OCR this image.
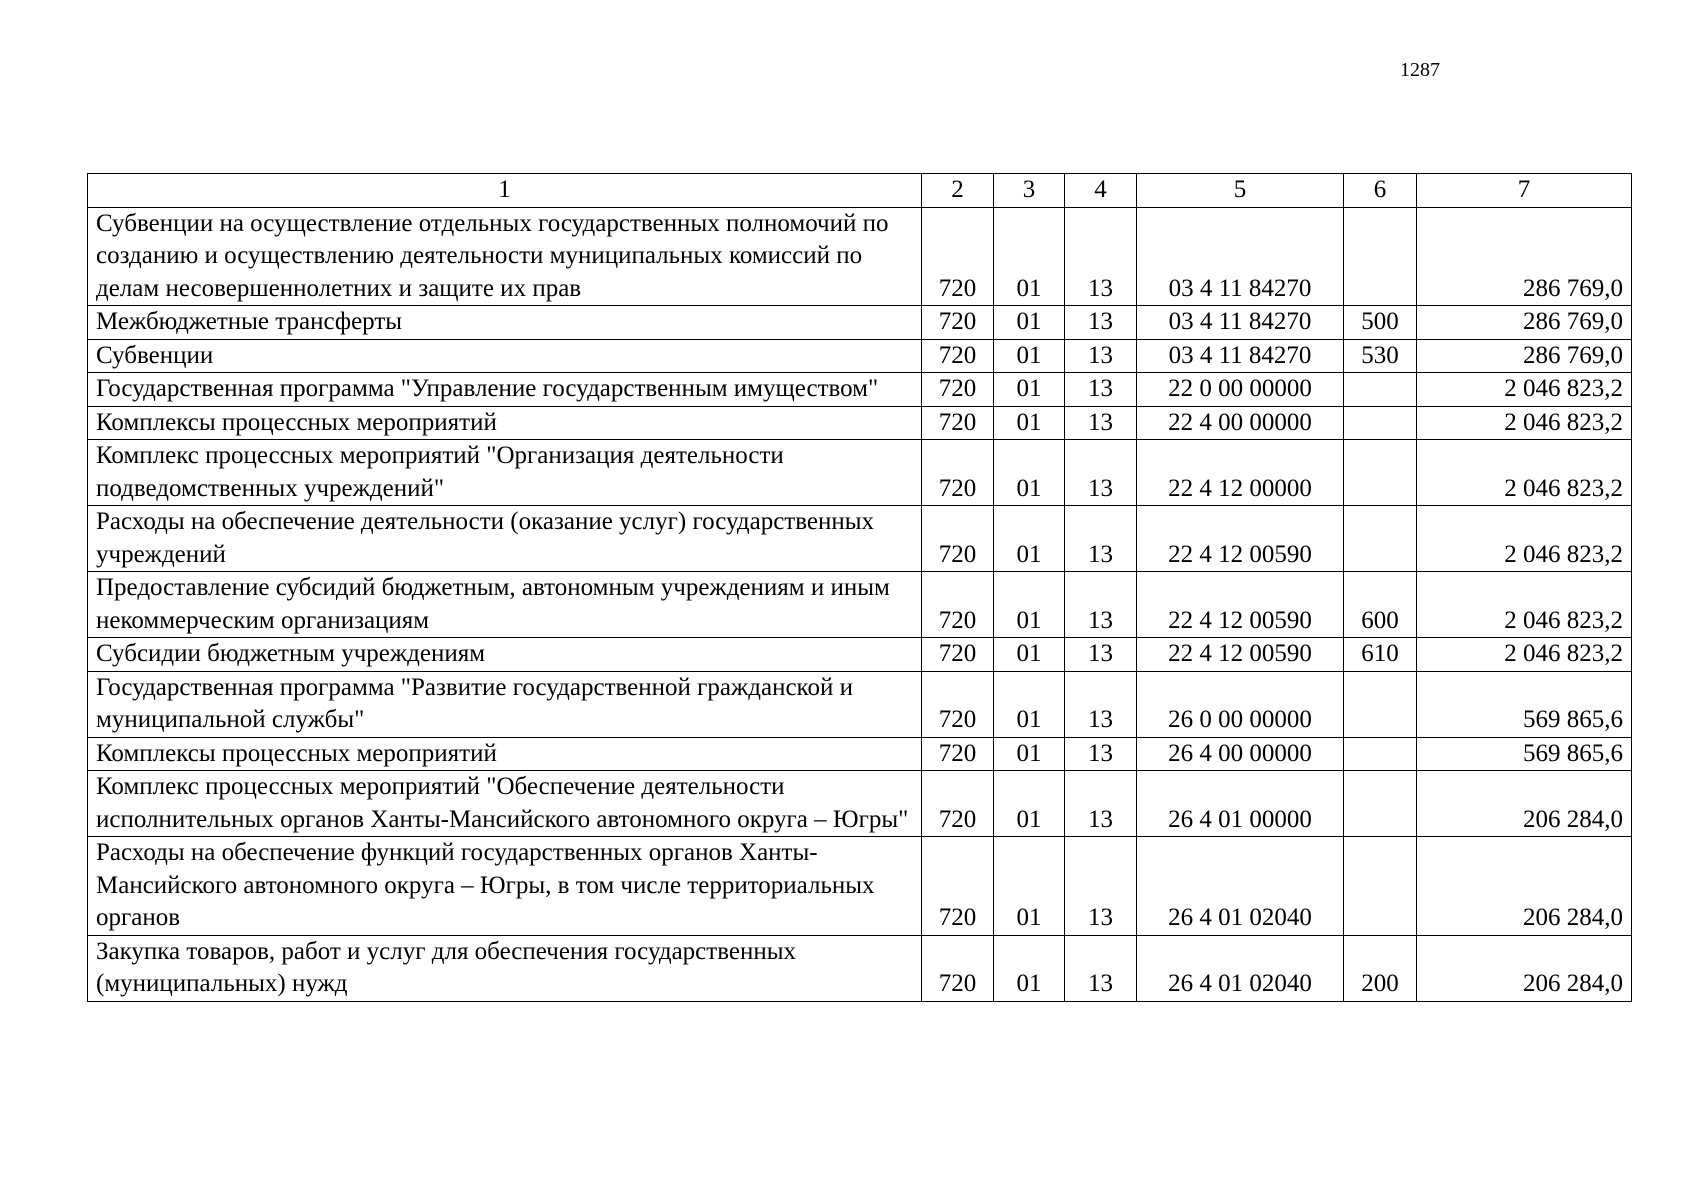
1287
1	2	3	4	5	6	7
Субвенции на осуществление отдельных государственных полномочий по созданию и осуществлению деятельности муниципальных комиссий по делам несовершеннолетних и защите их прав	720	01	13	03 4 11 84270		286 769,0
Межбюджетные трансферты	720	01	13	03 4 11 84270	500	286 769,0
Субвенции	720	01	13	03 4 11 84270	530	286 769,0
Государственная программа "Управление государственным имуществом"	720	01	13	22 0 00 00000		2 046 823,2
Комплексы процессных мероприятий	720	01	13	22 4 00 00000		2 046 823,2
Комплекс процессных мероприятий "Организация деятельности подведомственных учреждений"	720	01	13	22 4 12 00000		2 046 823,2
Расходы на обеспечение деятельности (оказание услуг) государственных учреждений	720	01	13	22 4 12 00590		2 046 823,2
Предоставление субсидий бюджетным, автономным учреждениям и иным некоммерческим организациям	720	01	13	22 4 12 00590	600	2 046 823,2
Субсидии бюджетным учреждениям	720	01	13	22 4 12 00590	610	2 046 823,2
Государственная программа "Развитие государственной гражданской и муниципальной службы"	720	01	13	26 0 00 00000		569 865,6
Комплексы процессных мероприятий	720	01	13	26 4 00 00000		569 865,6
Комплекс процессных мероприятий "Обеспечение деятельности исполнительных органов Ханты-Мансийского автономного округа – Югры"	720	01	13	26 4 01 00000		206 284,0
Расходы на обеспечение функций государственных органов Ханты-Мансийского автономного округа – Югры, в том числе территориальных органов	720	01	13	26 4 01 02040		206 284,0
Закупка товаров, работ и услуг для обеспечения государственных (муниципальных) нужд	720	01	13	26 4 01 02040	200	206 284,0
